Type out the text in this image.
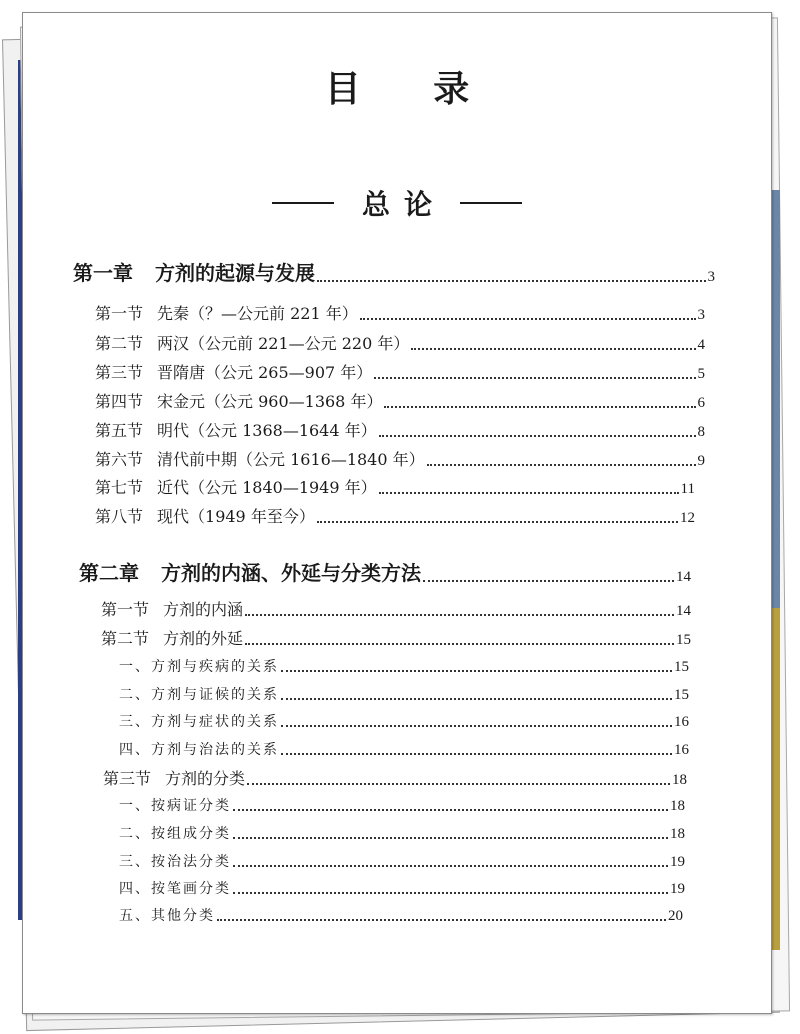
目 录
总论
第一章 方剂的起源与发展	3
第一节 先秦（？—公元前 221 年）	3
第二节 两汉（公元前 221—公元 220 年）	4
第三节 晋隋唐（公元 265—907 年）	5
第四节 宋金元（公元 960—1368 年）	6
第五节 明代（公元 1368—1644 年）	8
第六节 清代前中期（公元 1616—1840 年）	9
第七节 近代（公元 1840—1949 年）	11
第八节 现代（1949 年至今）	12
第二章 方剂的内涵、外延与分类方法	14
第一节 方剂的内涵	14
第二节 方剂的外延	15
一、方剂与疾病的关系	15
二、方剂与证候的关系	15
三、方剂与症状的关系	16
四、方剂与治法的关系	16
第三节 方剂的分类	18
一、按病证分类	18
二、按组成分类	18
三、按治法分类	19
四、按笔画分类	19
五、其他分类	20
